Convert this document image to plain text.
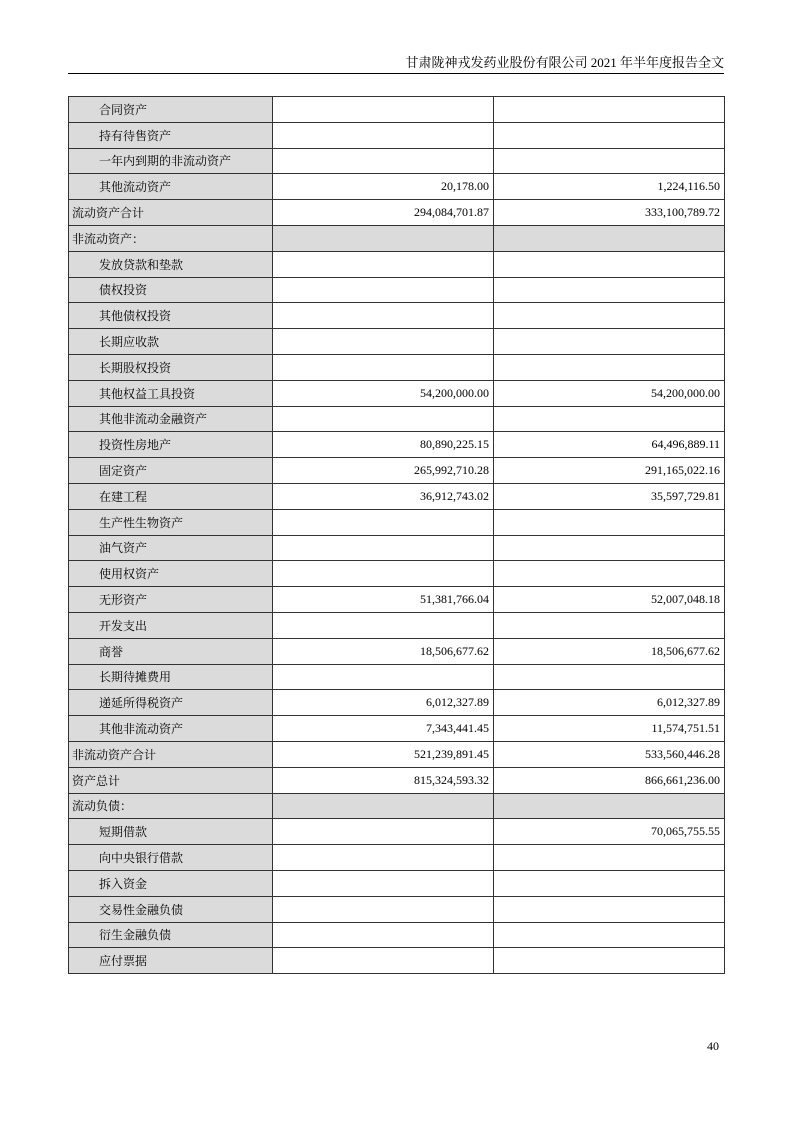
甘肃陇神戎发药业股份有限公司 2021 年半年度报告全文
合同资产		
持有待售资产		
一年内到期的非流动资产		
其他流动资产	20,178.00	1,224,116.50
流动资产合计	294,084,701.87	333,100,789.72
非流动资产：		
发放贷款和垫款		
债权投资		
其他债权投资		
长期应收款		
长期股权投资		
其他权益工具投资	54,200,000.00	54,200,000.00
其他非流动金融资产		
投资性房地产	80,890,225.15	64,496,889.11
固定资产	265,992,710.28	291,165,022.16
在建工程	36,912,743.02	35,597,729.81
生产性生物资产		
油气资产		
使用权资产		
无形资产	51,381,766.04	52,007,048.18
开发支出		
商誉	18,506,677.62	18,506,677.62
长期待摊费用		
递延所得税资产	6,012,327.89	6,012,327.89
其他非流动资产	7,343,441.45	11,574,751.51
非流动资产合计	521,239,891.45	533,560,446.28
资产总计	815,324,593.32	866,661,236.00
流动负债：		
短期借款		70,065,755.55
向中央银行借款		
拆入资金		
交易性金融负债		
衍生金融负债		
应付票据		
40
